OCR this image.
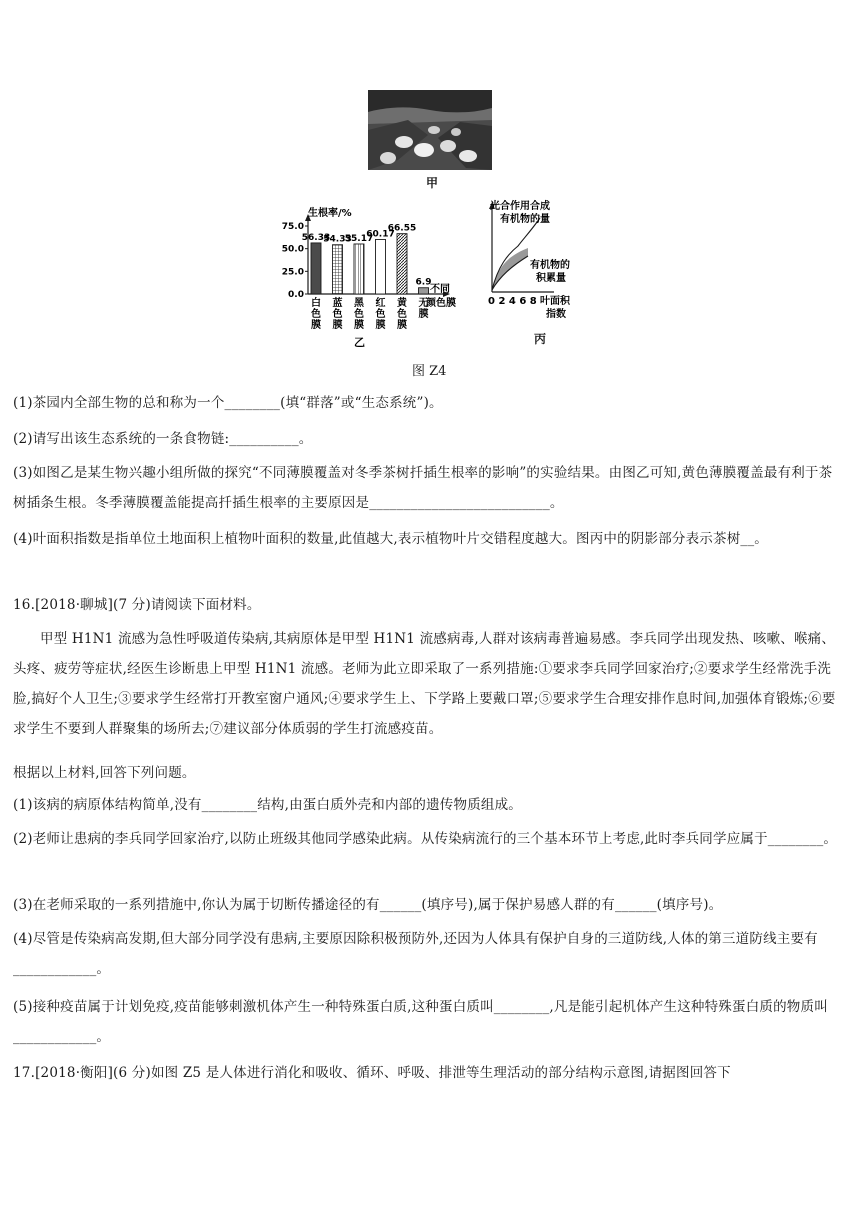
甲
75.0
50.0
25.0
0.0
生根率/%
56.33
白色膜
54.33
蓝色膜
55.17
黑色膜
60.17
红色膜
66.55
黄色膜
6.9
无膜
不同
颜色膜
乙
光合作用合成
有机物的量
有机物的
积累量
0 2 4 6 8 叶面积
指数
丙
图 Z4

(1)茶园内全部生物的总和称为一个________(填“群落”或“生态系统”)。

(2)请写出该生态系统的一条食物链:__________。

(3)如图乙是某生物兴趣小组所做的探究“不同薄膜覆盖对冬季茶树扦插生根率的影响”的实验结果。由图乙可知,黄色薄膜覆盖最有利于茶树插条生根。冬季薄膜覆盖能提高扦插生根率的主要原因是__________________________。

(4)叶面积指数是指单位土地面积上植物叶面积的数量,此值越大,表示植物叶片交错程度越大。图丙中的阴影部分表示茶树__。

16.[2018·聊城](7 分)请阅读下面材料。

甲型 H1N1 流感为急性呼吸道传染病,其病原体是甲型 H1N1 流感病毒,人群对该病毒普遍易感。李兵同学出现发热、咳嗽、喉痛、头疼、疲劳等症状,经医生诊断患上甲型 H1N1 流感。老师为此立即采取了一系列措施:①要求李兵同学回家治疗;②要求学生经常洗手洗脸,搞好个人卫生;③要求学生经常打开教室窗户通风;④要求学生上、下学路上要戴口罩;⑤要求学生合理安排作息时间,加强体育锻炼;⑥要求学生不要到人群聚集的场所去;⑦建议部分体质弱的学生打流感疫苗。

根据以上材料,回答下列问题。

(1)该病的病原体结构简单,没有________结构,由蛋白质外壳和内部的遗传物质组成。

(2)老师让患病的李兵同学回家治疗,以防止班级其他同学感染此病。从传染病流行的三个基本环节上考虑,此时李兵同学应属于________。

(3)在老师采取的一系列措施中,你认为属于切断传播途径的有______(填序号),属于保护易感人群的有______(填序号)。

(4)尽管是传染病高发期,但大部分同学没有患病,主要原因除积极预防外,还因为人体具有保护自身的三道防线,人体的第三道防线主要有____________。

(5)接种疫苗属于计划免疫,疫苗能够刺激机体产生一种特殊蛋白质,这种蛋白质叫________,凡是能引起机体产生这种特殊蛋白质的物质叫____________。

17.[2018·衡阳](6 分)如图 Z5 是人体进行消化和吸收、循环、呼吸、排泄等生理活动的部分结构示意图,请据图回答下
